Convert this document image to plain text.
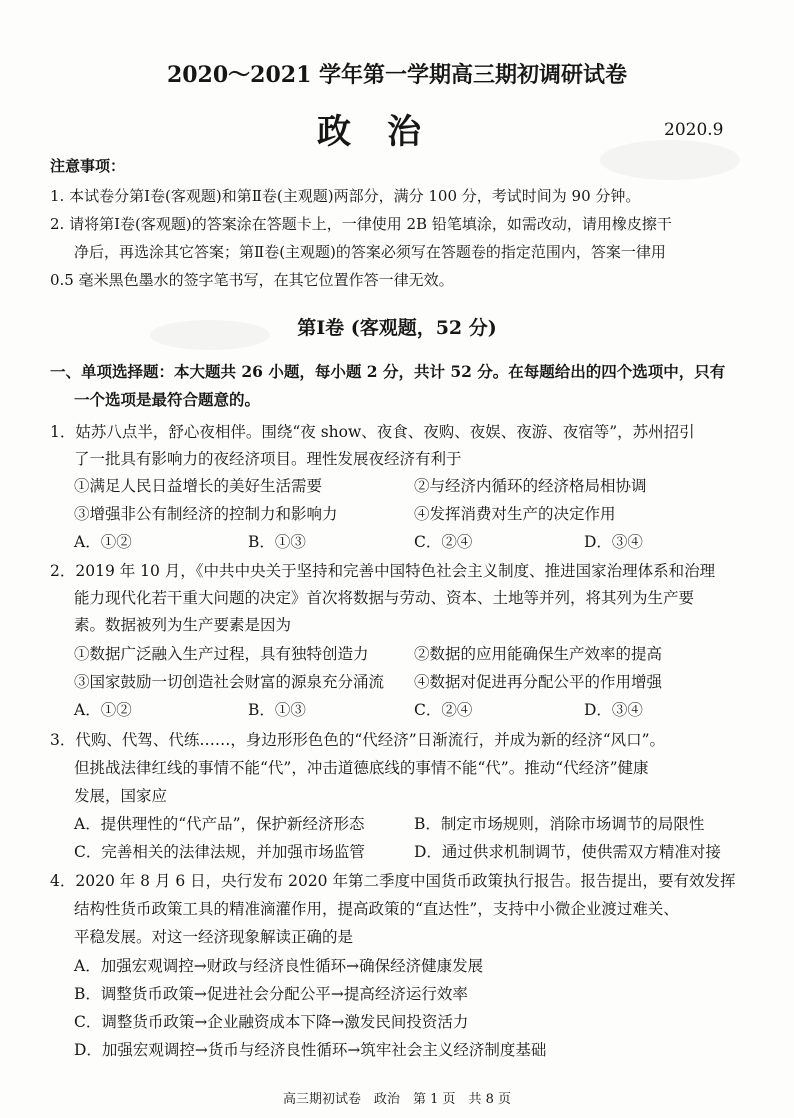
2020～2021 学年第一学期高三期初调研试卷
政治	2020.9
注意事项：
1. 本试卷分第Ⅰ卷(客观题)和第Ⅱ卷(主观题)两部分，满分 100 分，考试时间为 90 分钟。
2. 请将第Ⅰ卷(客观题)的答案涂在答题卡上，一律使用 2B 铅笔填涂，如需改动，请用橡皮擦干
净后，再选涂其它答案；第Ⅱ卷(主观题)的答案必须写在答题卷的指定范围内，答案一律用
0.5 毫米黑色墨水的签字笔书写，在其它位置作答一律无效。
第Ⅰ卷 (客观题，52 分)
一、单项选择题：本大题共 26 小题，每小题 2 分，共计 52 分。在每题给出的四个选项中，只有
一个选项是最符合题意的。
1．姑苏八点半，舒心夜相伴。围绕“夜 show、夜食、夜购、夜娱、夜游、夜宿等”，苏州招引
了一批具有影响力的夜经济项目。理性发展夜经济有利于
①满足人民日益增长的美好生活需要	②与经济内循环的经济格局相协调
③增强非公有制经济的控制力和影响力	④发挥消费对生产的决定作用
A．①②	B．①③	C．②④	D．③④
2．2019 年 10 月，《中共中央关于坚持和完善中国特色社会主义制度、推进国家治理体系和治理
能力现代化若干重大问题的决定》首次将数据与劳动、资本、土地等并列，将其列为生产要
素。数据被列为生产要素是因为
①数据广泛融入生产过程，具有独特创造力	②数据的应用能确保生产效率的提高
③国家鼓励一切创造社会财富的源泉充分涌流 ④数据对促进再分配公平的作用增强
A．①②	B．①③	C．②④	D．③④
3．代购、代驾、代练……，身边形形色色的“代经济”日渐流行，并成为新的经济“风口”。
但挑战法律红线的事情不能“代”，冲击道德底线的事情不能“代”。推动“代经济”健康
发展，国家应
A．提供理性的“代产品”，保护新经济形态	B．制定市场规则，消除市场调节的局限性
C．完善相关的法律法规，并加强市场监管	D．通过供求机制调节，使供需双方精准对接
4．2020 年 8 月 6 日，央行发布 2020 年第二季度中国货币政策执行报告。报告提出，要有效发挥
结构性货币政策工具的精准滴灌作用，提高政策的“直达性”，支持中小微企业渡过难关、
平稳发展。对这一经济现象解读正确的是
A．加强宏观调控→财政与经济良性循环→确保经济健康发展
B．调整货币政策→促进社会分配公平→提高经济运行效率
C．调整货币政策→企业融资成本下降→激发民间投资活力
D．加强宏观调控→货币与经济良性循环→筑牢社会主义经济制度基础
高三期初试卷　政治　第 1 页　共 8 页
